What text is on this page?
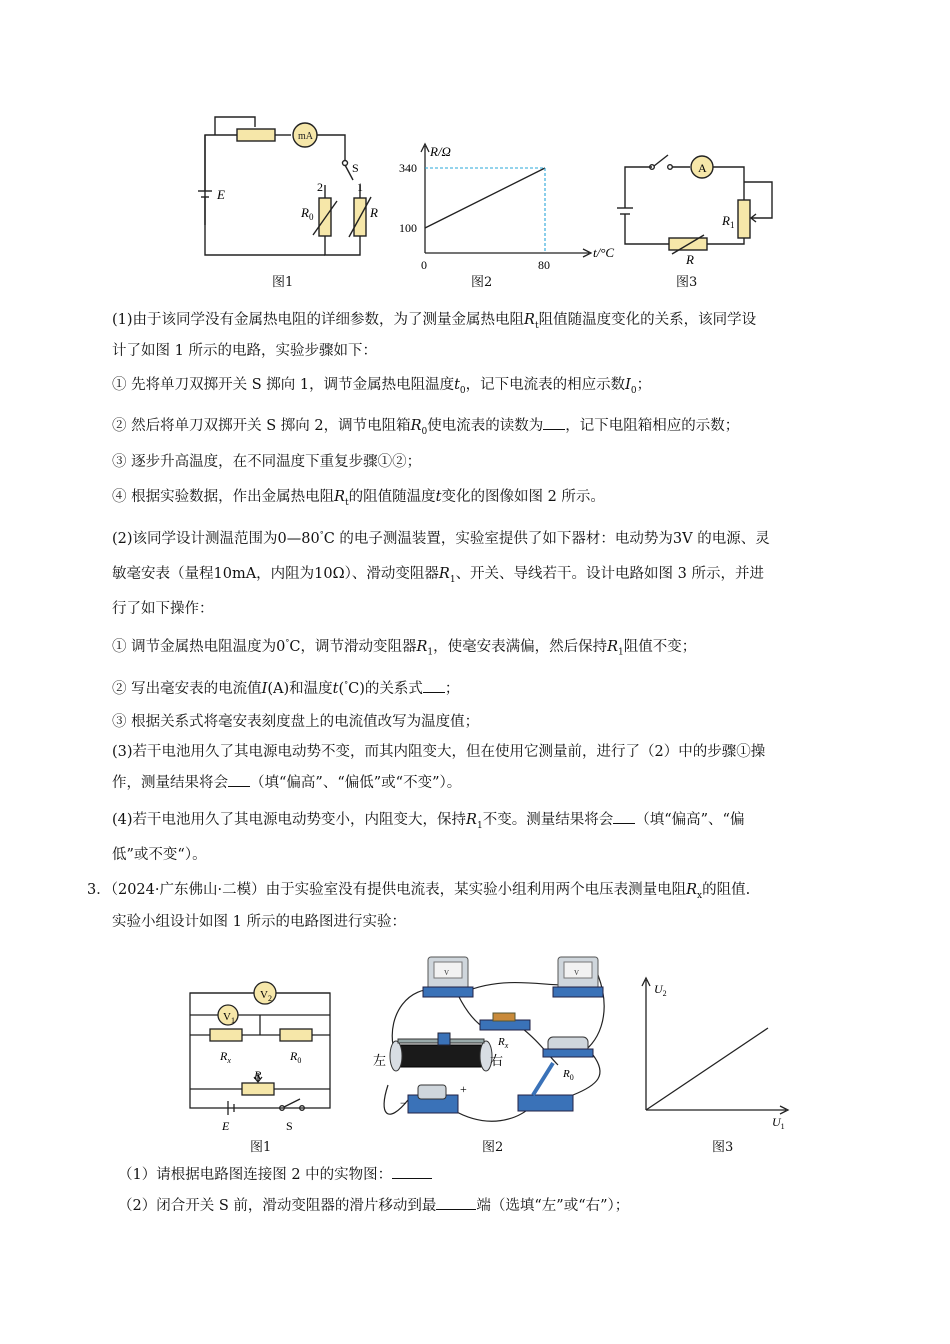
mA
E
S
2	1
$R_0$	R
图1
R/Ω
t/°C
340
100
0	80
图2
A
$R_1$
R
图3
(1)由于该同学没有金属热电阻的详细参数，为了测量金属热电阻$R_t$阻值随温度变化的关系，该同学设
计了如图 1 所示的电路，实验步骤如下：
① 先将单刀双掷开关 S 掷向 1，调节金属热电阻温度$t_0$，记下电流表的相应示数$I_0$；
② 然后将单刀双掷开关 S 掷向 2，调节电阻箱$R_0$使电流表的读数为 ，记下电阻箱相应的示数；
③ 逐步升高温度，在不同温度下重复步骤①②；
④ 根据实验数据，作出金属热电阻$R_t$的阻值随温度t变化的图像如图 2 所示。
(2)该同学设计测温范围为0—80°C 的电子测温装置，实验室提供了如下器材：电动势为3V 的电源、灵
敏毫安表（量程10mA，内阻为10Ω）、滑动变阻器$R_1$、开关、导线若干。设计电路如图 3 所示，并进
行了如下操作：
① 调节金属热电阻温度为0°C，调节滑动变阻器$R_1$，使毫安表满偏，然后保持$R_1$阻值不变；
② 写出毫安表的电流值I(A)和温度t(°C)的关系式 ；
③ 根据关系式将毫安表刻度盘上的电流值改写为温度值；
(3)若干电池用久了其电源电动势不变，而其内阻变大，但在使用它测量前，进行了（2）中的步骤①操
作，测量结果将会 （填“偏高”、“偏低”或“不变”）。
(4)若干电池用久了其电源电动势变小，内阻变大，保持$R_1$不变。测量结果将会 （填“偏高”、“偏
低”或不变“）。
3．（2024·广东佛山·二模）由于实验室没有提供电流表，某实验小组利用两个电压表测量电阻$R_x$的阻值.
实验小组设计如图 1 所示的电路图进行实验：
$V_2$
$V_1$
$R_x$	$R_0$
R
E	S
图1
V	V
左	右
$R_x$
$R_0$
−
+
图2
$U_2$
$U_1$
图3
（1）请根据电路图连接图 2 中的实物图：
（2）闭合开关 S 前，滑动变阻器的滑片移动到最	端（选填“左”或“右”）；
